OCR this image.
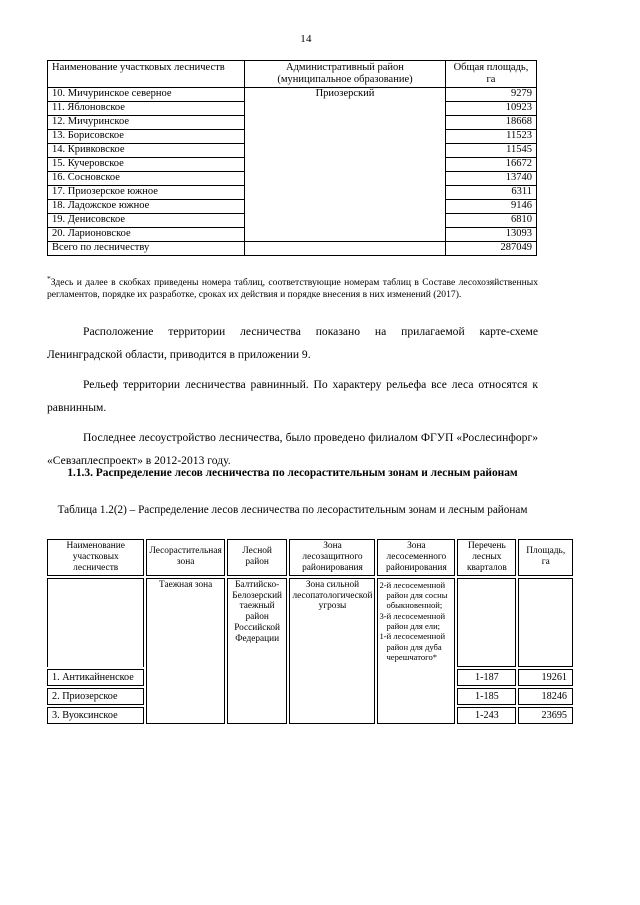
14
Наименование участковых лесничеств	Административный район (муниципальное образование)	Общая площадь, га
10. Мичуринское северное	Приозерский	9279
11. Яблоновское		10923
12. Мичуринское		18668
13. Борисовское		11523
14. Кривковское		11545
15. Кучеровское		16672
16. Сосновское		13740
17. Приозерское южное		6311
18. Ладожское южное		9146
19. Денисовское		6810
20. Ларионовское		13093
Всего по лесничеству		287049
*Здесь и далее в скобках приведены номера таблиц, соответствующие номерам таблиц в Составе лесохозяйственных регламентов, порядке их разработке, сроках их действия и порядке внесения в них изменений (2017).
Расположение территории лесничества показано на прилагаемой карте-схеме Ленинградской области, приводится в приложении 9.
Рельеф территории лесничества равнинный. По характеру рельефа все леса относятся к равнинным.
Последнее лесоустройство лесничества, было проведено филиалом ФГУП «Рослесинфорг» «Севзаплеспроект» в 2012-2013 году.
1.1.3. Распределение лесов лесничества по лесорастительным зонам и лесным районам
Таблица 1.2(2) – Распределение лесов лесничества по лесорастительным зонам и лесным районам
Наименование участковых лесничеств	Лесорастительная зона	Лесной район	Зона лесозащитного районирования	Зона лесосеменного районирования	Перечень лесных кварталов	Площадь, га
	Таежная зона	Балтийско-Белозерский таежный район Российской Федерации	Зона сильной лесопатологической угрозы	2-й лесосеменной район для сосны обыкновенной;
3-й лесосеменной район для ели;
1-й лесосеменной район для дуба черешчатого*		

1. Антикайненское					1-187	19261
2. Приозерское					1-185	18246
3. Вуоксинское					1-243	23695
